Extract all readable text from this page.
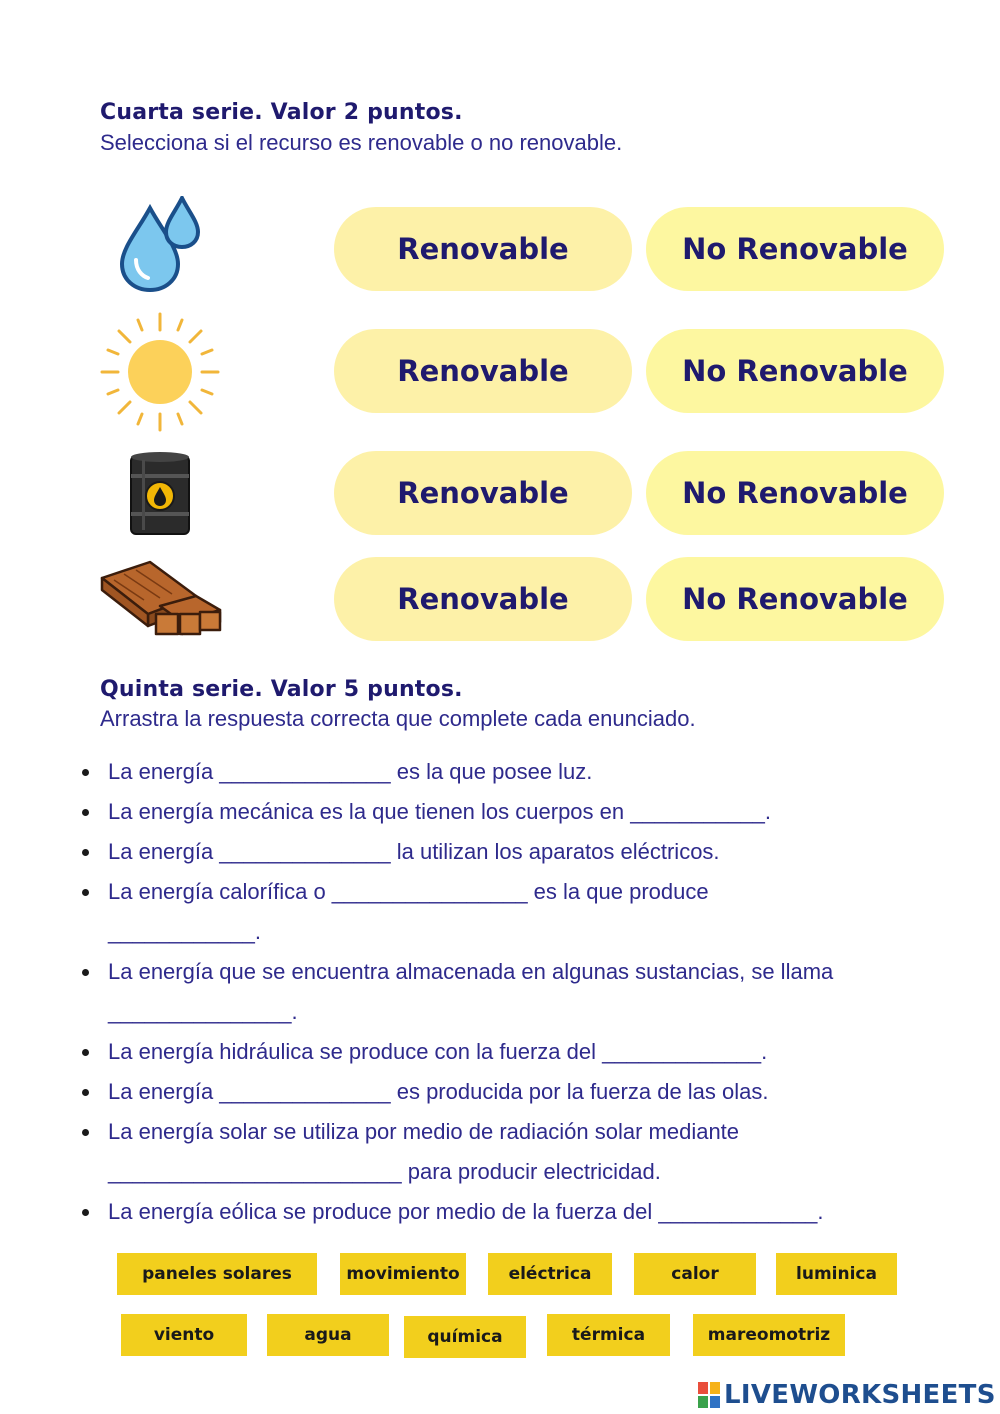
Cuarta serie. Valor 2 puntos.
Selecciona si el recurso es renovable o no renovable.
Renovable	No Renovable
Renovable	No Renovable
Renovable	No Renovable
Renovable	No Renovable
Quinta serie. Valor 5 puntos.
Arrastra la respuesta correcta que complete cada enunciado.
La energía ______________ es la que posee luz.
La energía mecánica es la que tienen los cuerpos en ___________.
La energía ______________ la utilizan los aparatos eléctricos.
La energía calorífica o ________________ es la que produce
____________.
La energía que se encuentra almacenada en algunas sustancias, se llama
_______________.
La energía hidráulica se produce con la fuerza del _____________.
La energía ______________ es producida por la fuerza de las olas.
La energía solar se utiliza por medio de radiación solar mediante
________________________ para producir electricidad.
La energía eólica se produce por medio de la fuerza del _____________.
paneles solares	movimiento	eléctrica	calor	luminica
viento	agua	química	térmica	mareomotriz
LIVEWORKSHEETS
